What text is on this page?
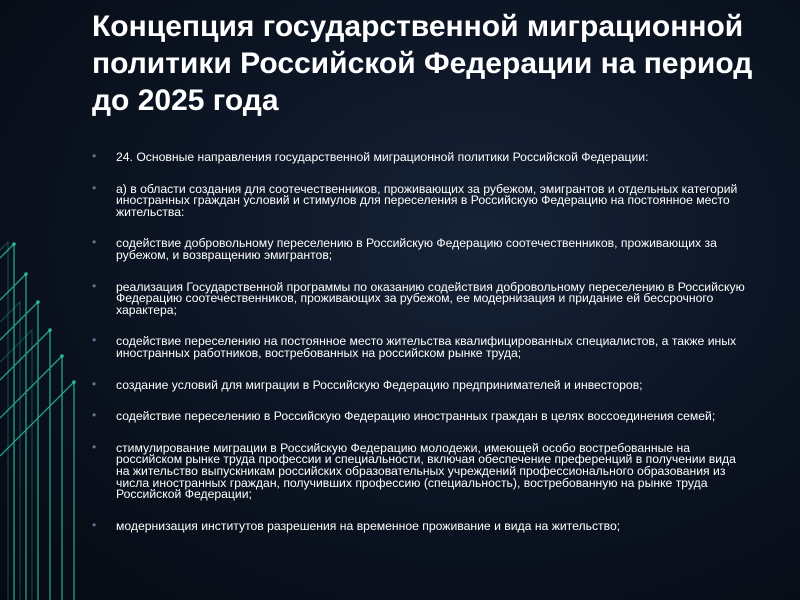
Концепция государственной миграционной политики Российской Федерации на период до 2025 года
• 24. Основные направления государственной миграционной политики Российской Федерации:
• а) в области создания для соотечественников, проживающих за рубежом, эмигрантов и отдельных категорий иностранных граждан условий и стимулов для переселения в Российскую Федерацию на постоянное место жительства:
• содействие добровольному переселению в Российскую Федерацию соотечественников, проживающих за рубежом, и возвращению эмигрантов;
• реализация Государственной программы по оказанию содействия добровольному переселению в Российскую Федерацию соотечественников, проживающих за рубежом, ее модернизация и придание ей бессрочного характера;
• содействие переселению на постоянное место жительства квалифицированных специалистов, а также иных иностранных работников, востребованных на российском рынке труда;
• создание условий для миграции в Российскую Федерацию предпринимателей и инвесторов;
• содействие переселению в Российскую Федерацию иностранных граждан в целях воссоединения семей;
• стимулирование миграции в Российскую Федерацию молодежи, имеющей особо востребованные на российском рынке труда профессии и специальности, включая обеспечение преференций в получении вида на жительство выпускникам российских образовательных учреждений профессионального образования из числа иностранных граждан, получивших профессию (специальность), востребованную на рынке труда Российской Федерации;
• модернизация институтов разрешения на временное проживание и вида на жительство;
